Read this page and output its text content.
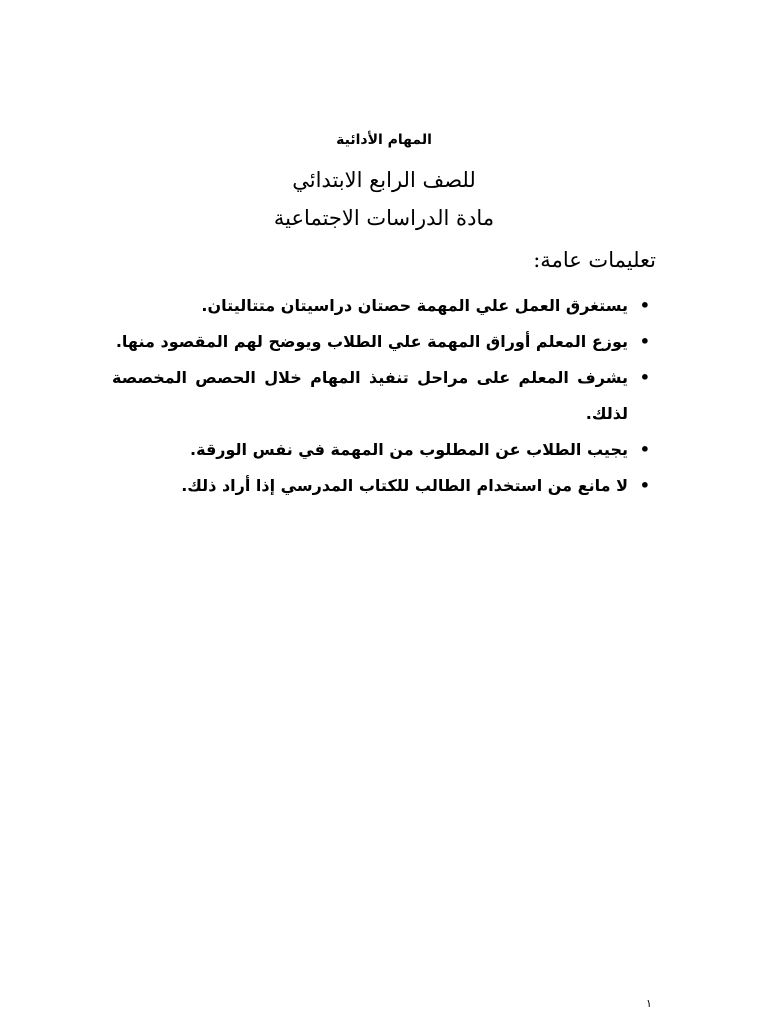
المهام الأدائية
للصف الرابع الابتدائي
مادة الدراسات الاجتماعية
تعليمات عامة:
•
يستغرق العمل علي المهمة حصتان دراسيتان متتاليتان.
•
يوزع المعلم أوراق المهمة علي الطلاب ويوضح لهم المقصود منها.
•
يشرف المعلم على مراحل تنفيذ المهام خلال الحصص المخصصة لذلك.
•
يجيب الطلاب عن المطلوب من المهمة في نفس الورقة.
•
لا مانع من استخدام الطالب للكتاب المدرسي إذا أراد ذلك.
١
